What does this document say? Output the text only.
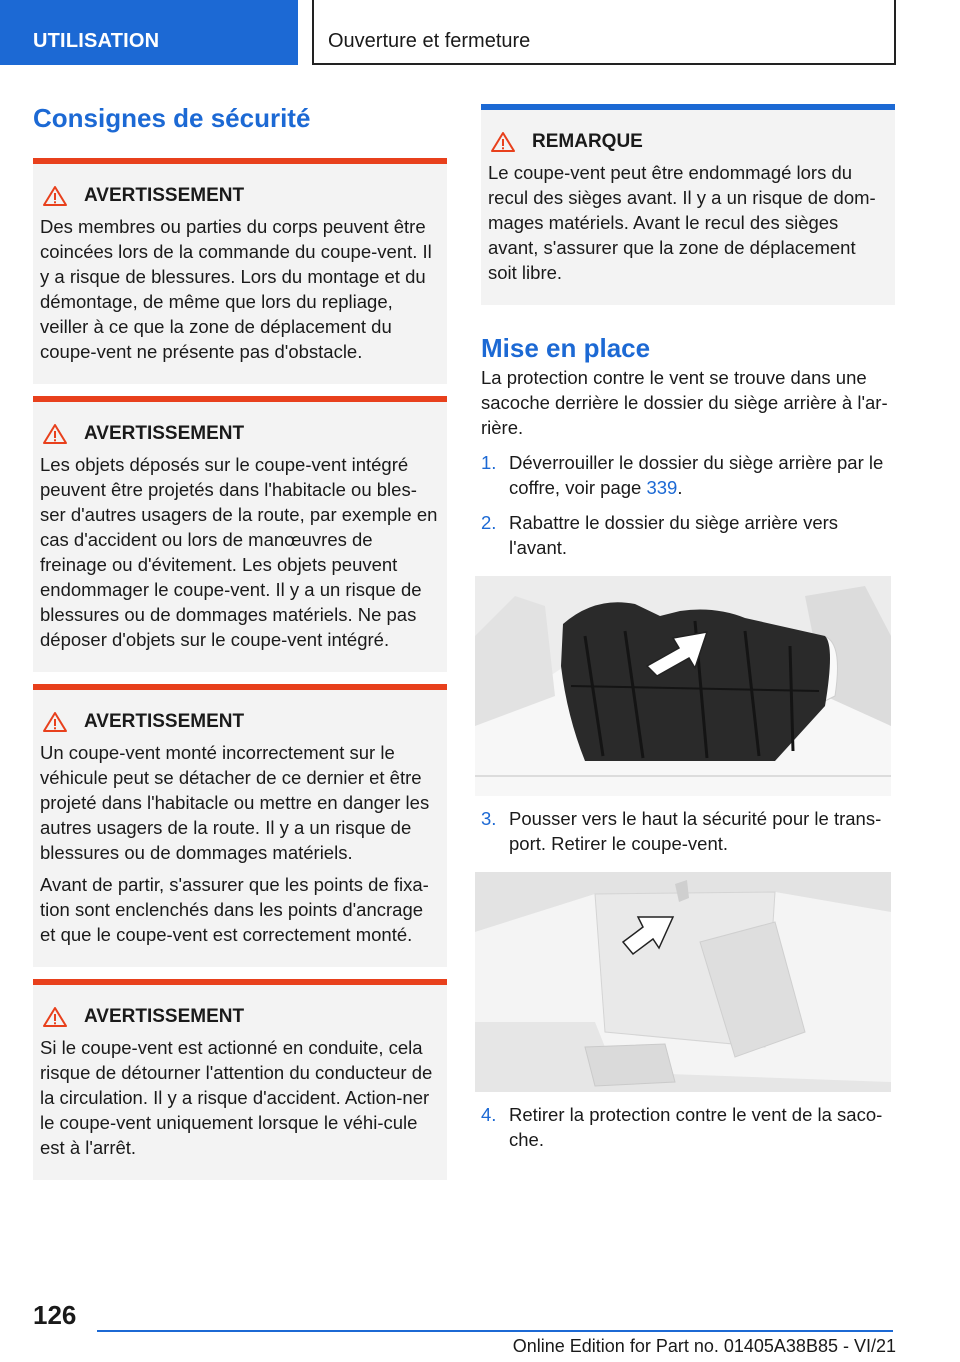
UTILISATION	Ouverture et fermeture
Consignes de sécurité
AVERTISSEMENT

Des membres ou parties du corps peuvent être coincées lors de la commande du coupe-vent. Il y a risque de blessures. Lors du montage et du démontage, de même que lors du repliage, veiller à ce que la zone de déplacement du coupe-vent ne présente pas d'obstacle.

AVERTISSEMENT

Les objets déposés sur le coupe-vent intégré peuvent être projetés dans l'habitacle ou bles-ser d'autres usagers de la route, par exemple en cas d'accident ou lors de manœuvres de freinage ou d'évitement. Les objets peuvent endommager le coupe-vent. Il y a un risque de blessures ou de dommages matériels. Ne pas déposer d'objets sur le coupe-vent intégré.

AVERTISSEMENT

Un coupe-vent monté incorrectement sur le véhicule peut se détacher de ce dernier et être projeté dans l'habitacle ou mettre en danger les autres usagers de la route. Il y a un risque de blessures ou de dommages matériels.

Avant de partir, s'assurer que les points de fixa-tion sont enclenchés dans les points d'ancrage et que le coupe-vent est correctement monté.

AVERTISSEMENT

Si le coupe-vent est actionné en conduite, cela risque de détourner l'attention du conducteur de la circulation. Il y a risque d'accident. Action-ner le coupe-vent uniquement lorsque le véhi-cule est à l'arrêt.

REMARQUE

Le coupe-vent peut être endommagé lors du recul des sièges avant. Il y a un risque de dom-mages matériels. Avant le recul des sièges avant, s'assurer que la zone de déplacement soit libre.

Mise en place

La protection contre le vent se trouve dans une sacoche derrière le dossier du siège arrière à l'ar-rière.

1. Déverrouiller le dossier du siège arrière par le coffre, voir page 339.
2. Rabattre le dossier du siège arrière vers l'avant.
3. Pousser vers le haut la sécurité pour le trans-port. Retirer le coupe-vent.
4. Retirer la protection contre le vent de la saco-che.
126
Online Edition for Part no. 01405A38B85 - VI/21
